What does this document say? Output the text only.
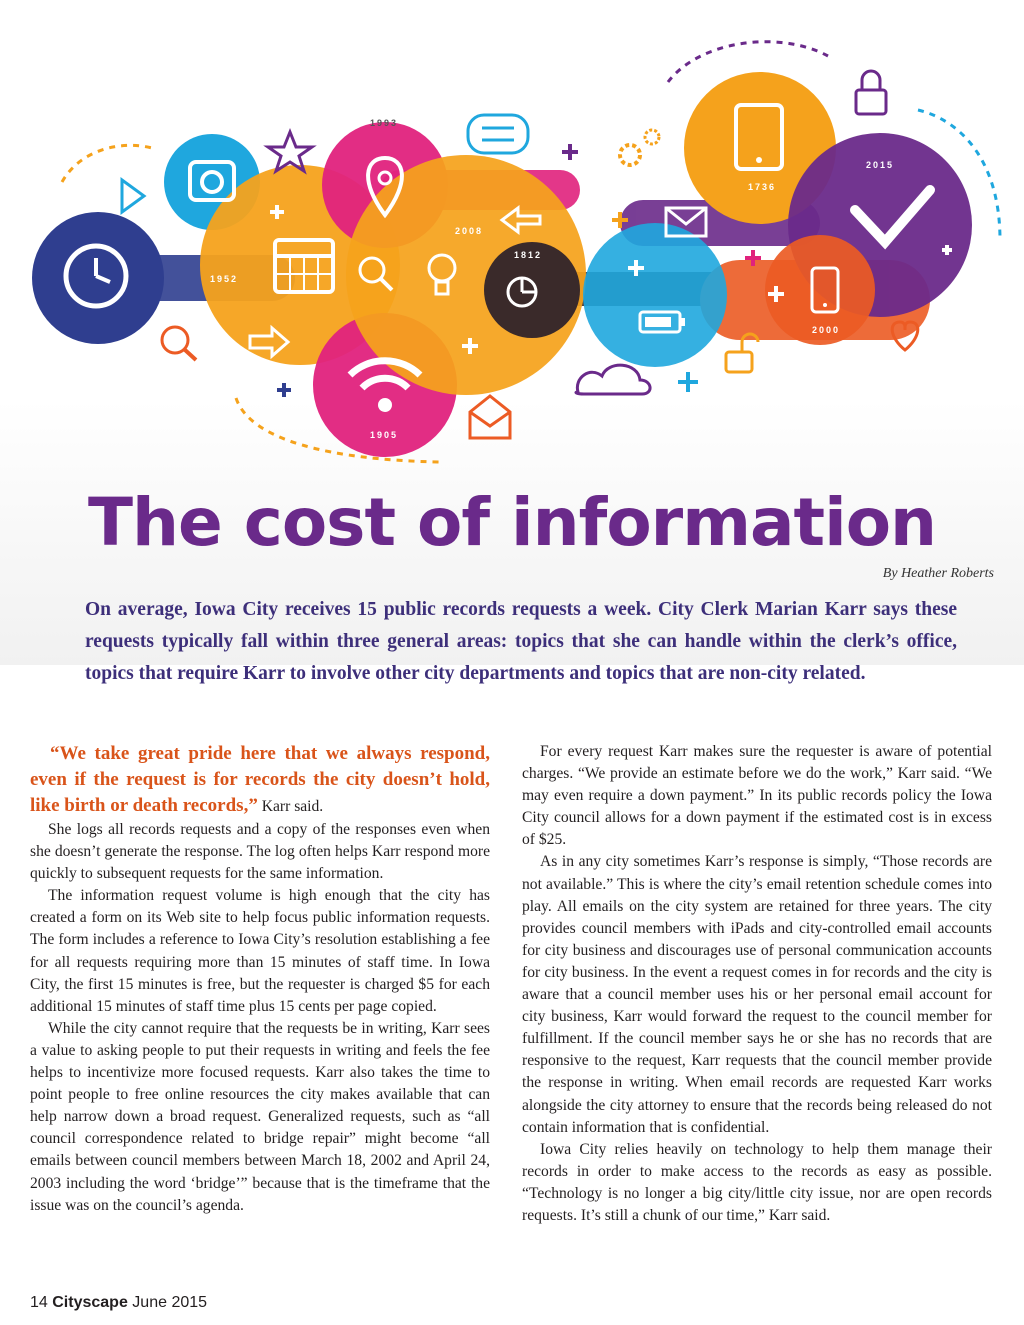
1993
2008
1952
1812
1736
2015
2000
1905
The cost of information
By Heather Roberts

On average, Iowa City receives 15 public records requests a week. City Clerk Marian Karr says these requests typically fall within three general areas: topics that she can handle within the clerk’s office, topics that require Karr to involve other city departments and topics that are non-city related.

“We take great pride here that we always respond, even if the request is for records the city doesn’t hold, like birth or death records,” Karr said.

She logs all records requests and a copy of the responses even when she doesn’t generate the response. The log often helps Karr respond more quickly to subsequent requests for the same information.

The information request volume is high enough that the city has created a form on its Web site to help focus public information requests. The form includes a reference to Iowa City’s resolution establishing a fee for all requests requiring more than 15 minutes of staff time. In Iowa City, the first 15 minutes is free, but the requester is charged $5 for each additional 15 minutes of staff time plus 15 cents per page copied.

While the city cannot require that the requests be in writing, Karr sees a value to asking people to put their requests in writing and feels the fee helps to incentivize more focused requests. Karr also takes the time to point people to free online resources the city makes available that can help narrow down a broad request. Generalized requests, such as “all council correspondence related to bridge repair” might become “all emails between council members between March 18, 2002 and April 24, 2003 including the word ‘bridge’” because that is the timeframe that the issue was on the council’s agenda.

For every request Karr makes sure the requester is aware of potential charges. “We provide an estimate before we do the work,” Karr said. “We may even require a down payment.” In its public records policy the Iowa City council allows for a down payment if the estimated cost is in excess of $25.

As in any city sometimes Karr’s response is simply, “Those records are not available.” This is where the city’s email retention schedule comes into play. All emails on the city system are retained for three years. The city provides council members with iPads and city-controlled email accounts for city business and discourages use of personal communication accounts for city business. In the event a request comes in for records and the city is aware that a council member uses his or her personal email account for city business, Karr would forward the request to the council member for fulfillment. If the council member says he or she has no records that are responsive to the request, Karr requests that the council member provide the response in writing. When email records are requested Karr works alongside the city attorney to ensure that the records being released do not contain information that is confidential.

Iowa City relies heavily on technology to help them manage their records in order to make access to the records as easy as possible. “Technology is no longer a big city/little city issue, nor are open records requests. It’s still a chunk of our time,” Karr said.

14 Cityscape June 2015
